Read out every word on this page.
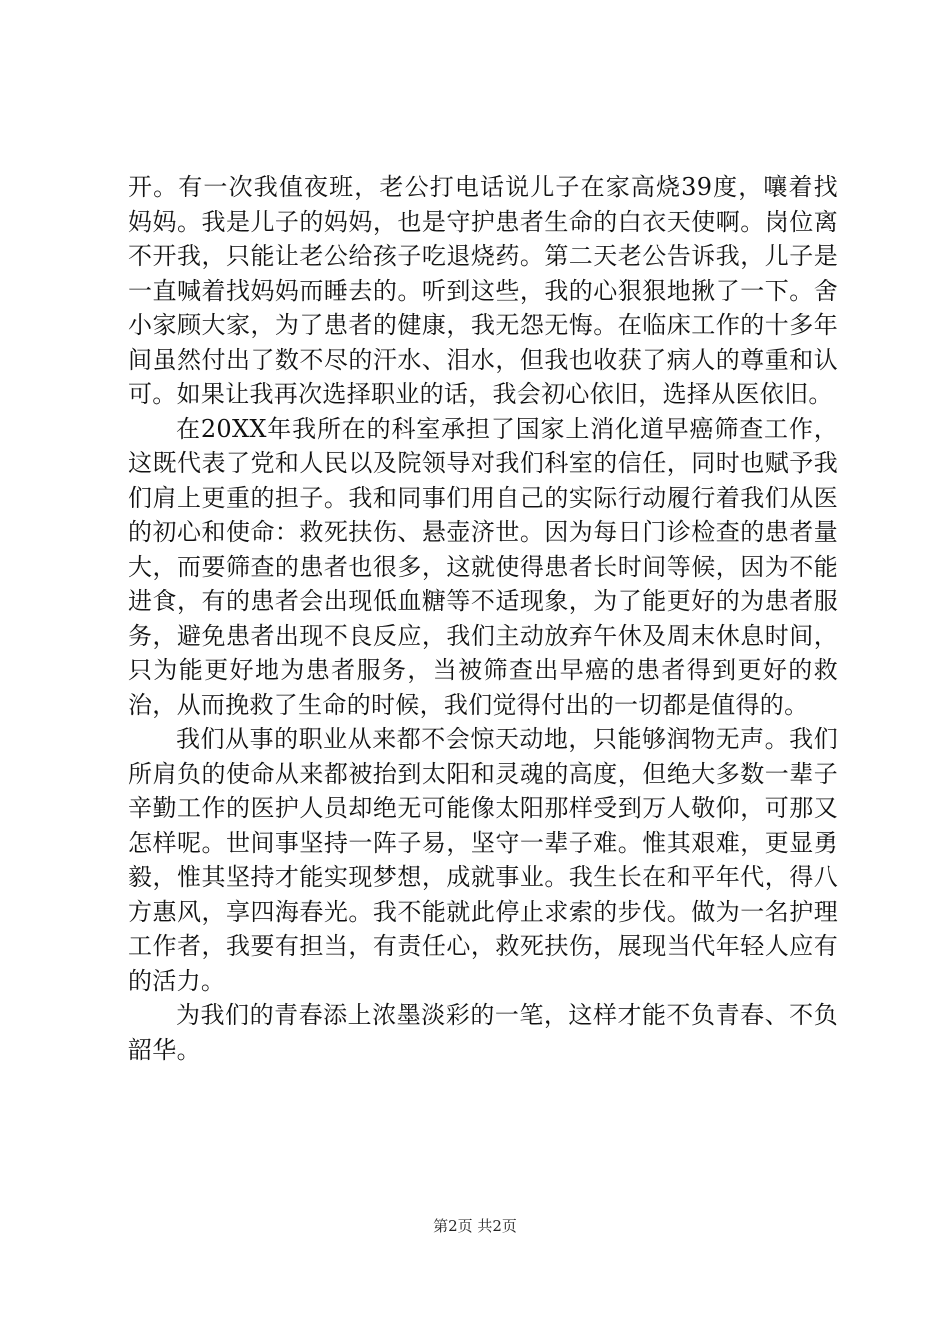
开。有一次我值夜班，老公打电话说儿子在家高烧39度，嚷着找妈妈。我是儿子的妈妈，也是守护患者生命的白衣天使啊。岗位离不开我，只能让老公给孩子吃退烧药。第二天老公告诉我，儿子是一直喊着找妈妈而睡去的。听到这些，我的心狠狠地揪了一下。舍小家顾大家，为了患者的健康，我无怨无悔。在临床工作的十多年间虽然付出了数不尽的汗水、泪水，但我也收获了病人的尊重和认可。如果让我再次选择职业的话，我会初心依旧，选择从医依旧。

在20XX年我所在的科室承担了国家上消化道早癌筛查工作，这既代表了党和人民以及院领导对我们科室的信任，同时也赋予我们肩上更重的担子。我和同事们用自己的实际行动履行着我们从医的初心和使命：救死扶伤、悬壶济世。因为每日门诊检查的患者量大，而要筛查的患者也很多，这就使得患者长时间等候，因为不能进食，有的患者会出现低血糖等不适现象，为了能更好的为患者服务，避免患者出现不良反应，我们主动放弃午休及周末休息时间，只为能更好地为患者服务，当被筛查出早癌的患者得到更好的救治，从而挽救了生命的时候，我们觉得付出的一切都是值得的。

我们从事的职业从来都不会惊天动地，只能够润物无声。我们所肩负的使命从来都被抬到太阳和灵魂的高度，但绝大多数一辈子辛勤工作的医护人员却绝无可能像太阳那样受到万人敬仰，可那又怎样呢。世间事坚持一阵子易，坚守一辈子难。惟其艰难，更显勇毅，惟其坚持才能实现梦想，成就事业。我生长在和平年代，得八方惠风，享四海春光。我不能就此停止求索的步伐。做为一名护理工作者，我要有担当，有责任心，救死扶伤，展现当代年轻人应有的活力。

为我们的青春添上浓墨淡彩的一笔，这样才能不负青春、不负韶华。

第2页 共2页
